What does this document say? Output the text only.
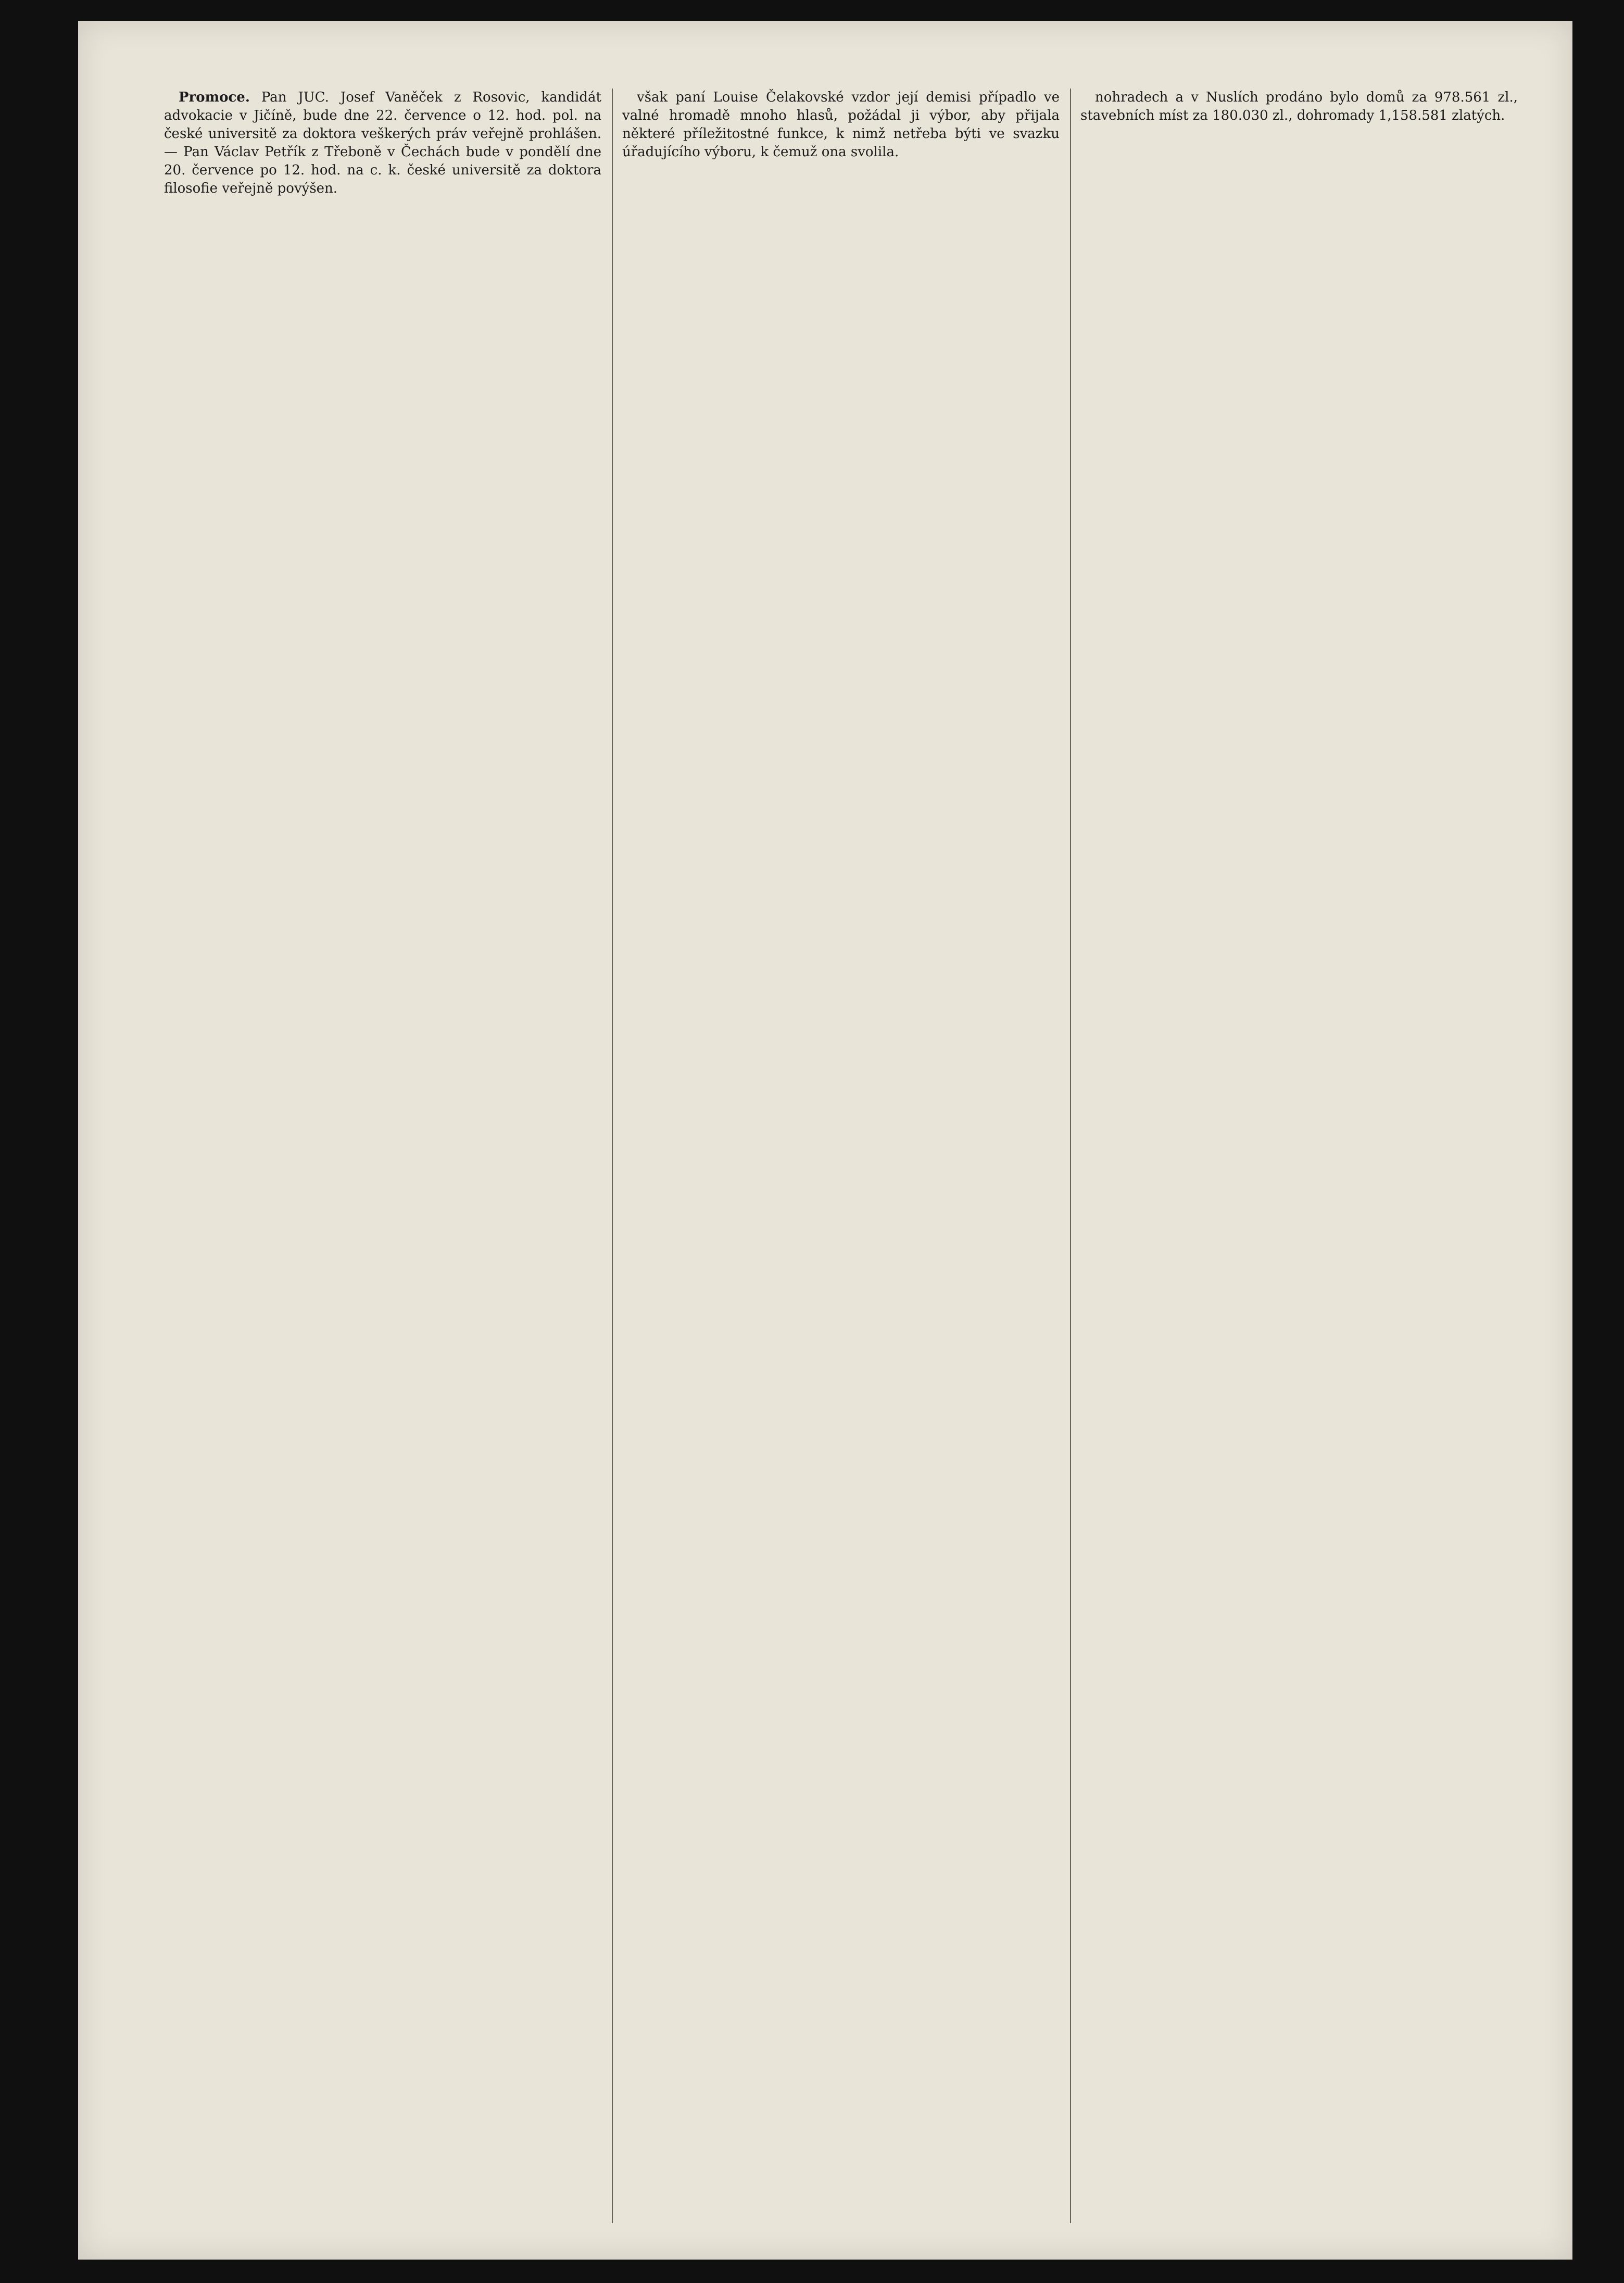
Promoce. Pan JUC. Josef Vaněček z Rosovic, kandidát advokacie v Jičíně, bude dne 22. července o 12. hod. pol. na české universitě za doktora veškerých práv veřejně prohlášen. — Pan Václav Petřík z Třeboně v Čechách bude v pondělí dne 20. července po 12. hod. na c. k. české universitě za doktora filosofie veřejně povýšen.

však paní Louise Čelakovské vzdor její demisi případlo ve valné hromadě mnoho hlasů, požádal ji výbor, aby přijala některé příležitostné funkce, k nimž netřeba býti ve svazku úřadujícího výboru, k čemuž ona svolila.

nohradech a v Nuslích prodáno bylo domů za 978.561 zl., stavebních míst za 180.030 zl., dohromady 1,158.581 zlatých.
